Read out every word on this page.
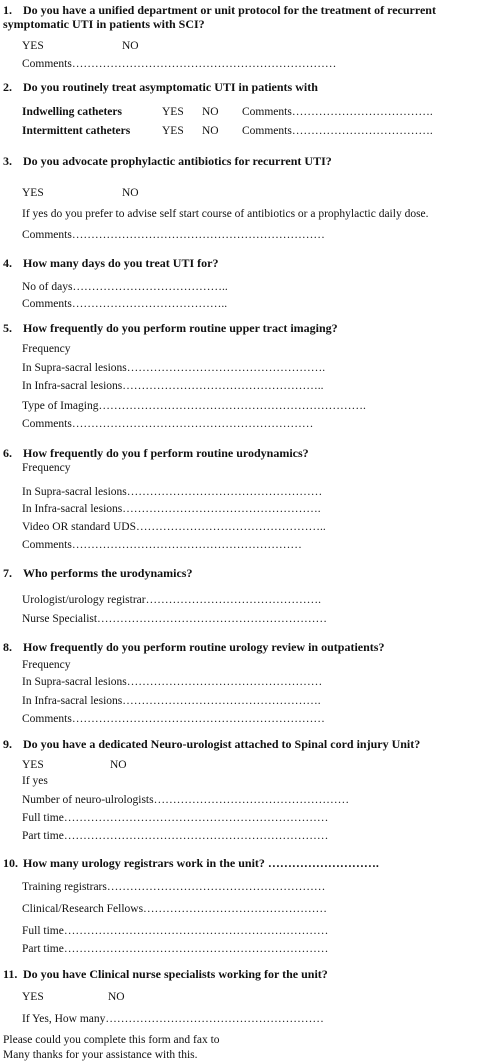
1. Do you have a unified department or unit protocol for the treatment of recurrent symptomatic UTI in patients with SCI?
YES	NO
Comments……………………………………………………………
2. Do you routinely treat asymptomatic UTI in patients with
Indwelling catheters	YES NO Comments……………………………….
Intermittent catheters	YES NO Comments……………………………….
3. Do you advocate prophylactic antibiotics for recurrent UTI?
YES	NO
If yes do you prefer to advise self start course of antibiotics or a prophylactic daily dose.
Comments…………………………………………………………
4. How many days do you treat UTI for?
No of days…………………………………..
Comments…………………………………..
5. How frequently do you perform routine upper tract imaging?
Frequency
In Supra-sacral lesions…………………………………………….
In Infra-sacral lesions……………………………………………..
Type of Imaging…………………………………………………………….
Comments………………………………………………………
6. How frequently do you f perform routine urodynamics?
Frequency
In Supra-sacral lesions……………………………………………
In Infra-sacral lesions…………………………………………….
Video OR standard UDS…………………………………………..
Comments……………………………………………………
7. Who performs the urodynamics?
Urologist/urology registrar……………………………………….
Nurse Specialist……………………………………………………
8. How frequently do you perform routine urology review in outpatients?
Frequency
In Supra-sacral lesions……………………………………………
In Infra-sacral lesions…………………………………………….
Comments…………………………………………………………
9. Do you have a dedicated Neuro-urologist attached to Spinal cord injury Unit?
YES	NO
If yes
Number of neuro-ulrologists……………………………………………
Full time……………………………………………………………
Part time……………………………………………………………
10. How many urology registrars work in the unit? ……………………….
Training registrars…………………………………………………
Clinical/Research Fellows…………………………………………
Full time……………………………………………………………
Part time……………………………………………………………
11. Do you have Clinical nurse specialists working for the unit?
YES	NO
If Yes, How many…………………………………………………
Please could you complete this form and fax to
Many thanks for your assistance with this.
